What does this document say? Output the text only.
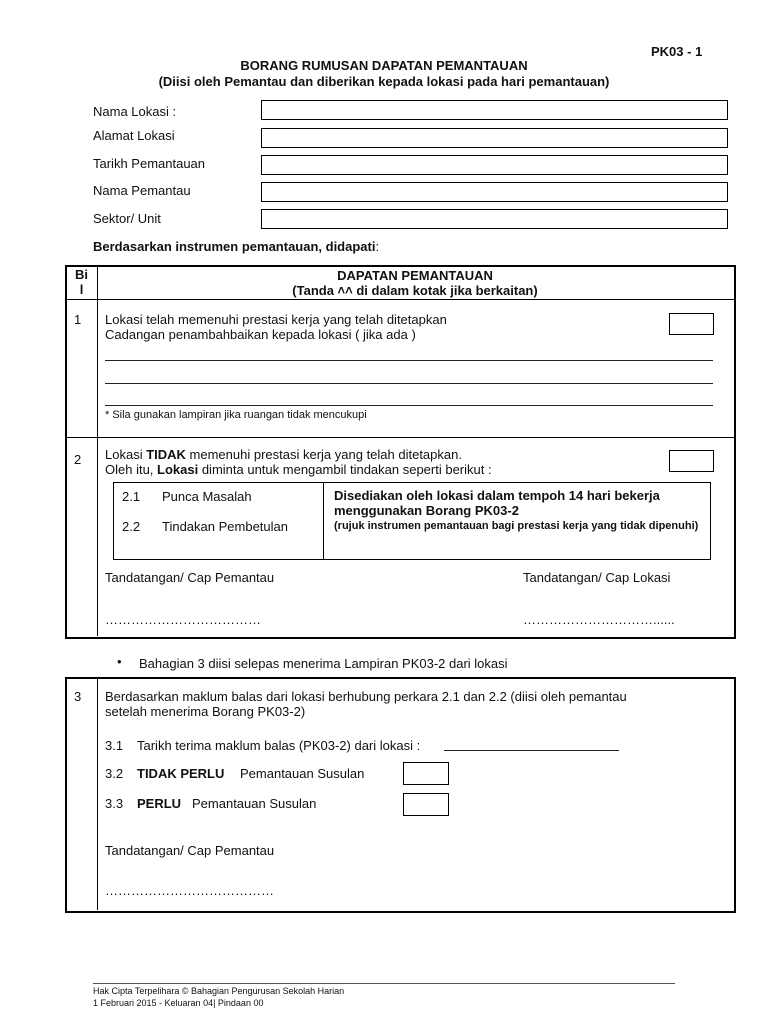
PK03 - 1
BORANG RUMUSAN DAPATAN PEMANTAUAN
(Diisi oleh Pemantau dan diberikan kepada lokasi pada hari pemantauan)
Nama Lokasi :
Alamat Lokasi
Tarikh Pemantauan
Nama Pemantau
Sektor/ Unit
Berdasarkan instrumen pemantauan, didapati:
Bi
l
DAPATAN PEMANTAUAN
(Tanda ˄˄ di dalam kotak jika berkaitan)
1 Lokasi telah memenuhi prestasi kerja yang telah ditetapkan
Cadangan penambahbaikan kepada lokasi ( jika ada )
* Sila gunakan lampiran jika ruangan tidak mencukupi
2 Lokasi TIDAK memenuhi prestasi kerja yang telah ditetapkan.
Oleh itu, Lokasi diminta untuk mengambil tindakan seperti berikut :
2.1 Punca Masalah
2.2 Tindakan Pembetulan
Disediakan oleh lokasi dalam tempoh 14 hari bekerja menggunakan Borang PK03-2
(rujuk instrumen pemantauan bagi prestasi kerja yang tidak dipenuhi)
Tandatangan/ Cap Pemantau	Tandatangan/ Cap Lokasi
………………………………	…………………………......
• Bahagian 3 diisi selepas menerima Lampiran PK03-2 dari lokasi
3 Berdasarkan maklum balas dari lokasi berhubung perkara 2.1 dan 2.2 (diisi oleh pemantau
setelah menerima Borang PK03-2)
3.1 Tarikh terima maklum balas (PK03-2) dari lokasi :
3.2 TIDAK PERLU Pemantauan Susulan
3.3 PERLU Pemantauan Susulan
Tandatangan/ Cap Pemantau
…………………………………
Hak Cipta Terpelihara © Bahagian Pengurusan Sekolah Harian
1 Februari 2015 - Keluaran 04| Pindaan 00
